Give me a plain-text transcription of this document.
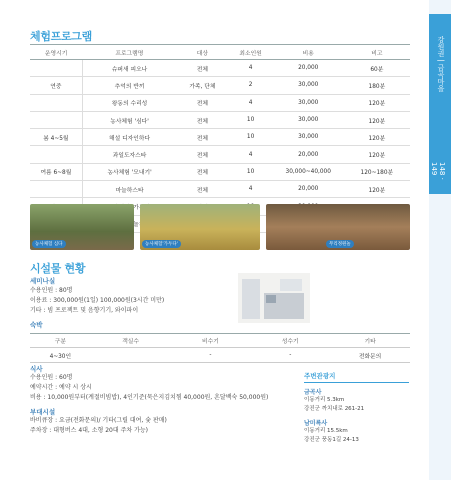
체험프로그램
운영시기	프로그램명	대상	최소인원	비용	비고
	슈퍼새 피오나	전체	4	20,000	60분
연중	추억의 반끼	가족, 단체	2	30,000	180분
	왕동의 수리성	전체	4	30,000	120분
	농사체험 '심다'	전체	10	30,000	120분
봄 4~5월	해설 디자인하다	전체	10	30,000	120분
	과일도자스타	전체	4	20,000	120분
여름 6~8월	농사체험 '모내기'	전체	10	30,000~40,000	120~180분
	마늘하스타	전체	4	20,000	120분

	놀자				
농사체험 심다	농사체험'가두다'	무리정원놀
시설물 현황
세미나실
수용인원 : 80명
이용료 : 300,000원(1일) 100,000원(3시간 미만)
기타 : 빔 프로젝트 및 음향기기, 와이파이
숙박
구분	객실수	비수기	성수기	기타
4~30인		-	-	전화문의
식사
수용인원 : 60명
예약시간 : 예약 시 상시
비용 : 10,000원부터(계절비빔밥), 4인기준(묵은지김치찜 40,000원, 흔달백숙 50,000원)
부대시설
바비큐장 : 요금(전화문의)/ 기타(그릴 대여, 숯 판매)
주차장 : 대형버스 4대, 소형 20대 주차 가능)
주변관광지
금곡사
이동거리 5.3km
강진군 까치내로 261-21
남미륵사
이동거리 15.5km
강진군 풍동1길 24-13
강원권 | 금곡마을
148 · 149
